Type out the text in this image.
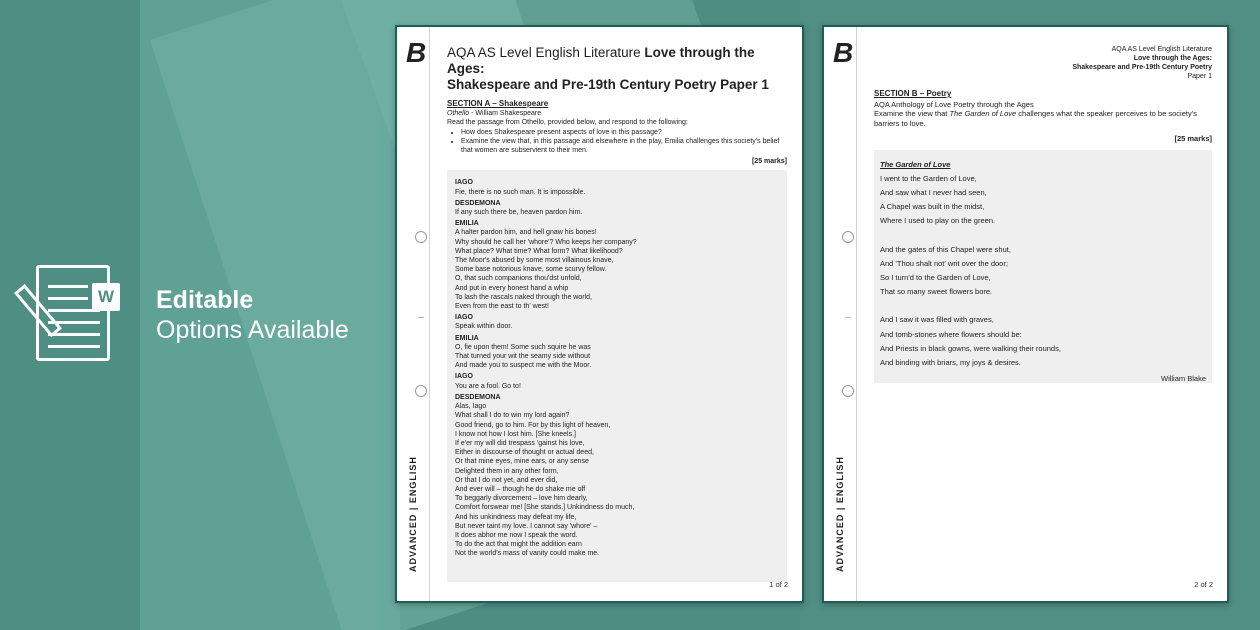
W Editable
Options Available
B
ADVANCED | ENGLISH
AQA AS Level English Literature Love through the Ages:
Shakespeare and Pre-19th Century Poetry Paper 1
SECTION A – Shakespeare
Othello - William Shakespeare
Read the passage from Othello, provided below, and respond to the following:
• How does Shakespeare present aspects of love in this passage?
• Examine the view that, in this passage and elsewhere in the play, Emilia challenges this society's belief that women are subservient to their men.
[25 marks]
IAGO
Fie, there is no such man. It is impossible.
DESDEMONA
If any such there be, heaven pardon him.
EMILIA
A halter pardon him, and hell gnaw his bones!
Why should he call her 'whore'? Who keeps her company?
What place? What time? What form? What likelihood?
The Moor's abused by some most villainous knave,
Some base notorious knave, some scurvy fellow.
O, that such companions thou'dst unfold,
And put in every honest hand a whip
To lash the rascals naked through the world,
Even from the east to th' west!
IAGO
Speak within door.
EMILIA
O, fie upon them! Some such squire he was
That turned your wit the seamy side without
And made you to suspect me with the Moor.
IAGO
You are a fool. Go to!
DESDEMONA
Alas, Iago
What shall I do to win my lord again?
Good friend, go to him. For by this light of heaven,
I know not how I lost him. [She kneels.]
If e'er my will did trespass 'gainst his love,
Either in discourse of thought or actual deed,
Or that mine eyes, mine ears, or any sense
Delighted them in any other form,
Or that I do not yet, and ever did,
And ever will – though he do shake me off
To beggarly divorcement – love him dearly,
Comfort forswear me! [She stands.] Unkindness do much,
And his unkindness may defeat my life,
But never taint my love. I cannot say 'whore' –
It does abhor me now I speak the word.
To do the act that might the addition earn
Not the world's mass of vanity could make me.
1 of 2
B
ADVANCED | ENGLISH
AQA AS Level English Literature
Love through the Ages:
Shakespeare and Pre-19th Century Poetry
Paper 1
SECTION B – Poetry
AQA Anthology of Love Poetry through the Ages
Examine the view that The Garden of Love challenges what the speaker perceives to be society's barriers to love.
[25 marks]
The Garden of Love
I went to the Garden of Love,
And saw what I never had seen,
A Chapel was built in the midst,
Where I used to play on the green.
And the gates of this Chapel were shut,
And 'Thou shalt not' writ over the door;
So I turn'd to the Garden of Love,
That so many sweet flowers bore.
And I saw it was filled with graves,
And tomb-stones where flowers should be:
And Priests in black gowns, were walking their rounds,
And binding with briars, my joys & desires.
William Blake
2 of 2
